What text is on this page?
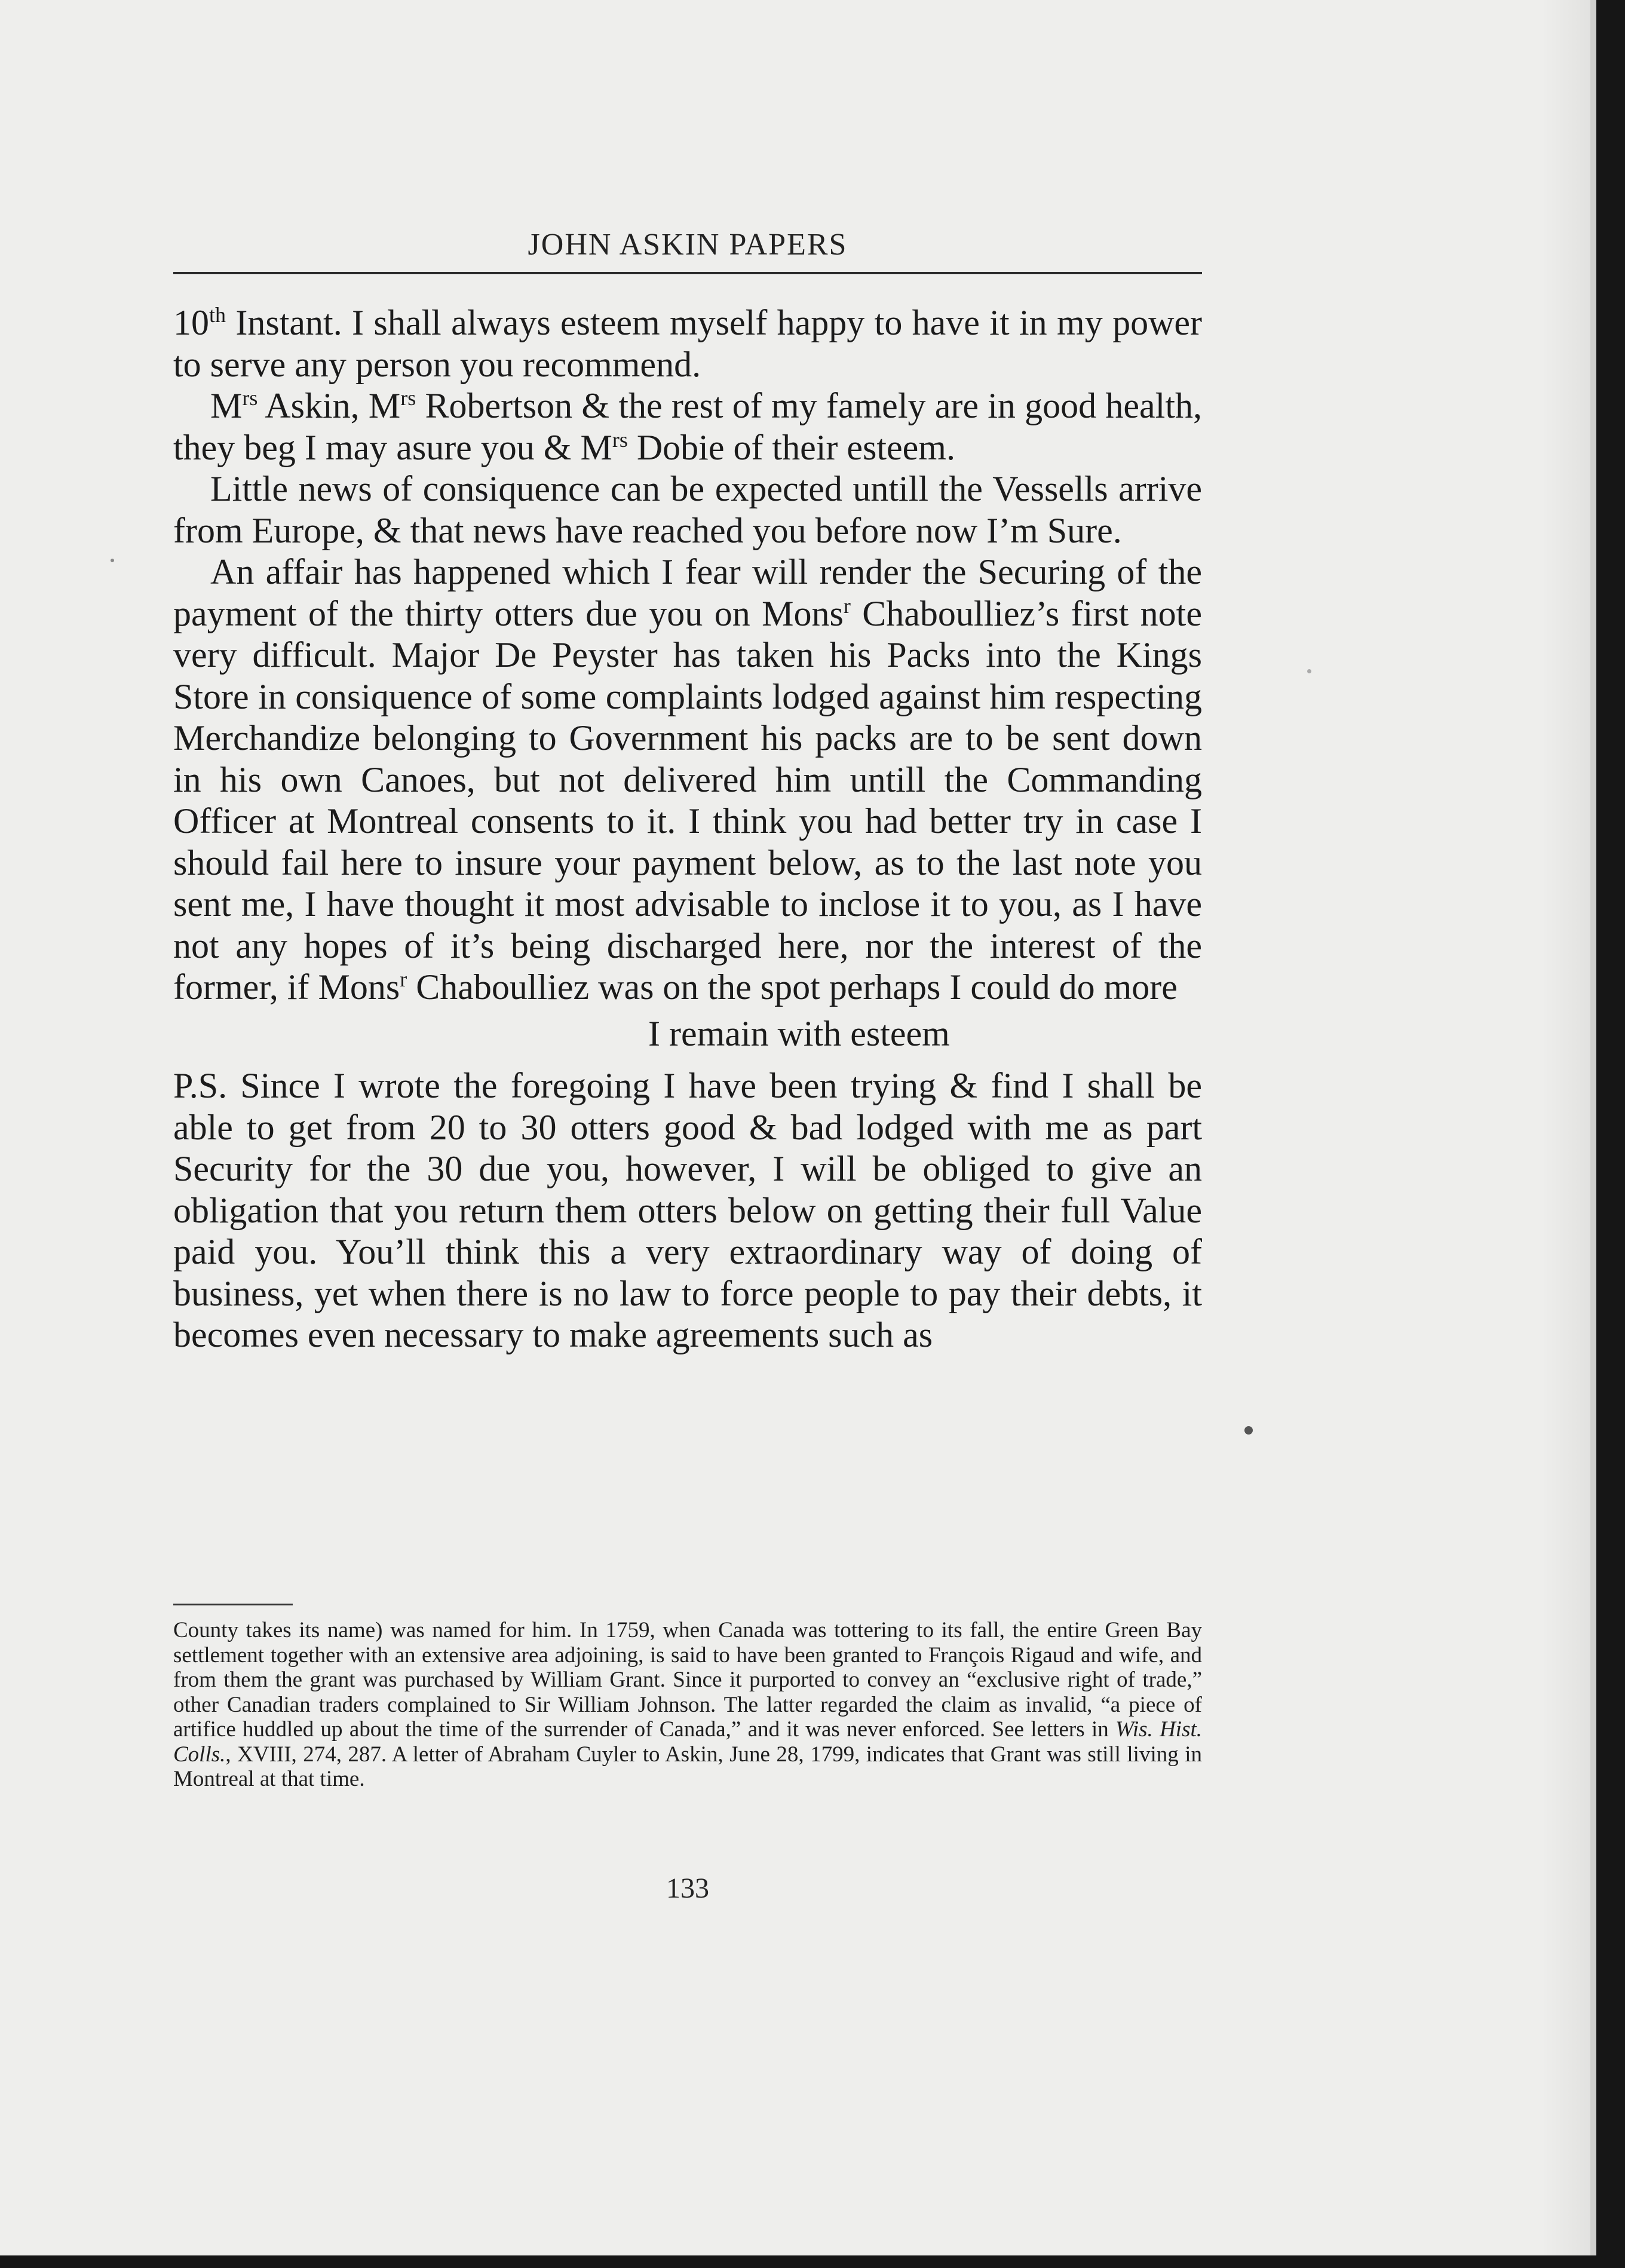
JOHN ASKIN PAPERS

10th Instant. I shall always esteem myself happy to have it in my power to serve any person you recommend.

$M^{rs}$ Askin, $M^{rs}$ Robertson & the rest of my famely are in good health, they beg I may asure you & $M^{rs}$ Dobie of their esteem.

Little news of consiquence can be expected untill the Vessells arrive from Europe, & that news have reached you before now I’m Sure.

An affair has happened which I fear will render the Securing of the payment of the thirty otters due you on Mons$^r$ Chaboulliez’s first note very difficult. Major De Peyster has taken his Packs into the Kings Store in consiquence of some complaints lodged against him respecting Merchandize belonging to Government his packs are to be sent down in his own Canoes, but not delivered him untill the Commanding Officer at Montreal consents to it. I think you had better try in case I should fail here to insure your payment below, as to the last note you sent me, I have thought it most advisable to inclose it to you, as I have not any hopes of it’s being discharged here, nor the interest of the former, if Mons$^r$ Chaboulliez was on the spot perhaps I could do more

I remain with esteem

P.S. Since I wrote the foregoing I have been trying & find I shall be able to get from 20 to 30 otters good & bad lodged with me as part Security for the 30 due you, however, I will be obliged to give an obligation that you return them otters below on getting their full Value paid you. You’ll think this a very extraordinary way of doing of business, yet when there is no law to force people to pay their debts, it becomes even necessary to make agreements such as

County takes its name) was named for him. In 1759, when Canada was tottering to its fall, the entire Green Bay settlement together with an extensive area adjoining, is said to have been granted to François Rigaud and wife, and from them the grant was purchased by William Grant. Since it purported to convey an “exclusive right of trade,” other Canadian traders complained to Sir William Johnson. The latter regarded the claim as invalid, “a piece of artifice huddled up about the time of the surrender of Canada,” and it was never enforced. See letters in Wis. Hist. Colls., XVIII, 274, 287. A letter of Abraham Cuyler to Askin, June 28, 1799, indicates that Grant was still living in Montreal at that time.

133
